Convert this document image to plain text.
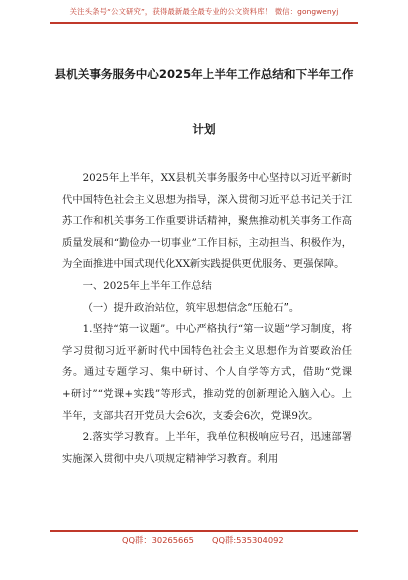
关注头条号“公文研究”，获得最新最全最专业的公文资料库！ 微信：gongwenyj
县机关事务服务中心2025年上半年工作总结和下半年工作
计划

2025年上半年，XX县机关事务服务中心坚持以习近平新时代中国特色社会主义思想为指导，深入贯彻习近平总书记关于江苏工作和机关事务工作重要讲话精神，聚焦推动机关事务工作高质量发展和“勤俭办一切事业”工作目标，主动担当、积极作为，为全面推进中国式现代化XX新实践提供更优服务、更强保障。

一、2025年上半年工作总结

（一）提升政治站位，筑牢思想信念“压舱石”。

1.坚持“第一议题”。中心严格执行“第一议题”学习制度，将学习贯彻习近平新时代中国特色社会主义思想作为首要政治任务。通过专题学习、集中研讨、个人自学等方式，借助“党课+研讨”“党课+实践”等形式，推动党的创新理论入脑入心。上半年，支部共召开党员大会6次，支委会6次，党课9次。

2.落实学习教育。上半年，我单位积极响应号召，迅速部署实施深入贯彻中央八项规定精神学习教育。利用

QQ群：30265665 QQ群:535304092
